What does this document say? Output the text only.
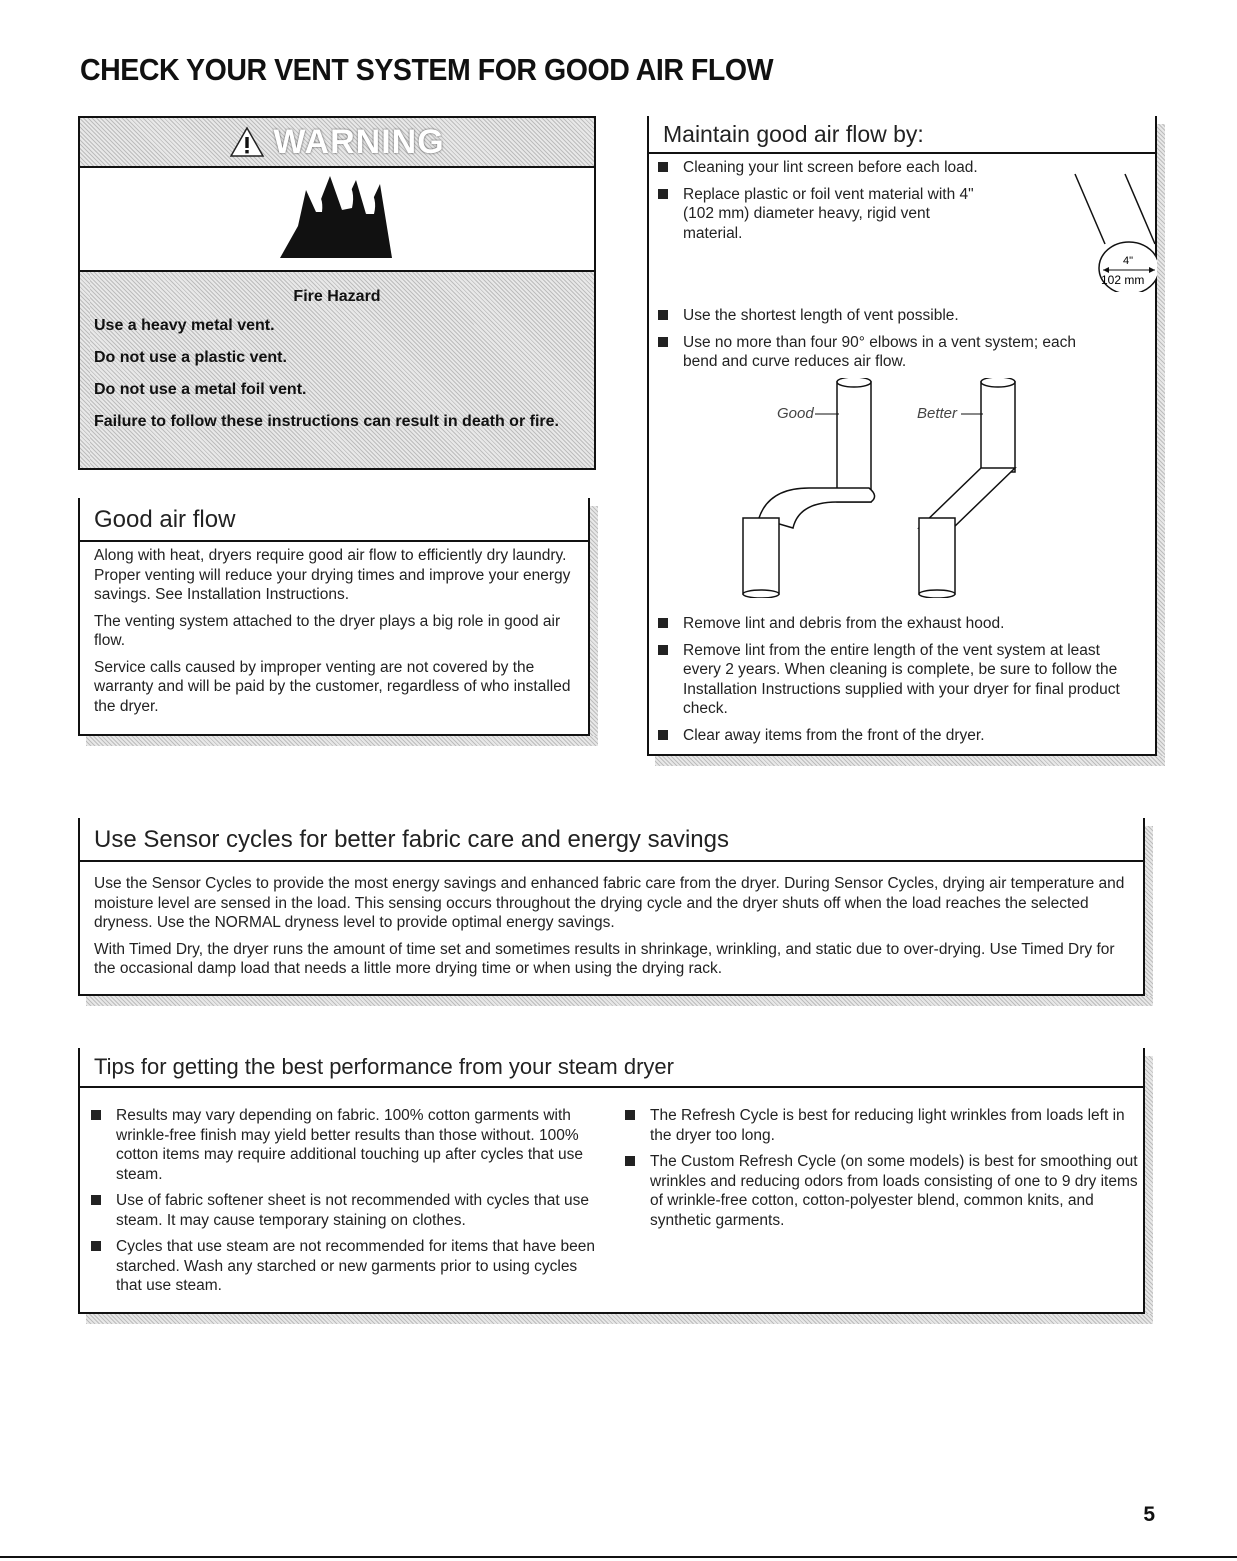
CHECK YOUR VENT SYSTEM FOR GOOD AIR FLOW
WARNING
Fire Hazard

Use a heavy metal vent.

Do not use a plastic vent.

Do not use a metal foil vent.

Failure to follow these instructions can result in death or fire.

Good air flow

Along with heat, dryers require good air flow to efficiently dry laundry. Proper venting will reduce your drying times and improve your energy savings. See Installation Instructions.

The venting system attached to the dryer plays a big role in good air flow.

Service calls caused by improper venting are not covered by the warranty and will be paid by the customer, regardless of who installed the dryer.

Maintain good air flow by:
Cleaning your lint screen before each load.
Replace plastic or foil vent material with 4" (102 mm) diameter heavy, rigid vent material.
4"
102 mm
Use the shortest length of vent possible.
Use no more than four 90° elbows in a vent system; each bend and curve reduces air flow.
Good	Better
Remove lint and debris from the exhaust hood.
Remove lint from the entire length of the vent system at least every 2 years. When cleaning is complete, be sure to follow the Installation Instructions supplied with your dryer for final product check.
Clear away items from the front of the dryer.
Use Sensor cycles for better fabric care and energy savings

Use the Sensor Cycles to provide the most energy savings and enhanced fabric care from the dryer. During Sensor Cycles, drying air temperature and moisture level are sensed in the load. This sensing occurs throughout the drying cycle and the dryer shuts off when the load reaches the selected dryness. Use the NORMAL dryness level to provide optimal energy savings.

With Timed Dry, the dryer runs the amount of time set and sometimes results in shrinkage, wrinkling, and static due to over-drying. Use Timed Dry for the occasional damp load that needs a little more drying time or when using the drying rack.

Tips for getting the best performance from your steam dryer
Results may vary depending on fabric. 100% cotton garments with wrinkle-free finish may yield better results than those without. 100% cotton items may require additional touching up after cycles that use steam.
Use of fabric softener sheet is not recommended with cycles that use steam. It may cause temporary staining on clothes.
Cycles that use steam are not recommended for items that have been starched. Wash any starched or new garments prior to using cycles that use steam.
The Refresh Cycle is best for reducing light wrinkles from loads left in the dryer too long.
The Custom Refresh Cycle (on some models) is best for smoothing out wrinkles and reducing odors from loads consisting of one to 9 dry items of wrinkle-free cotton, cotton-polyester blend, common knits, and synthetic garments.
5
